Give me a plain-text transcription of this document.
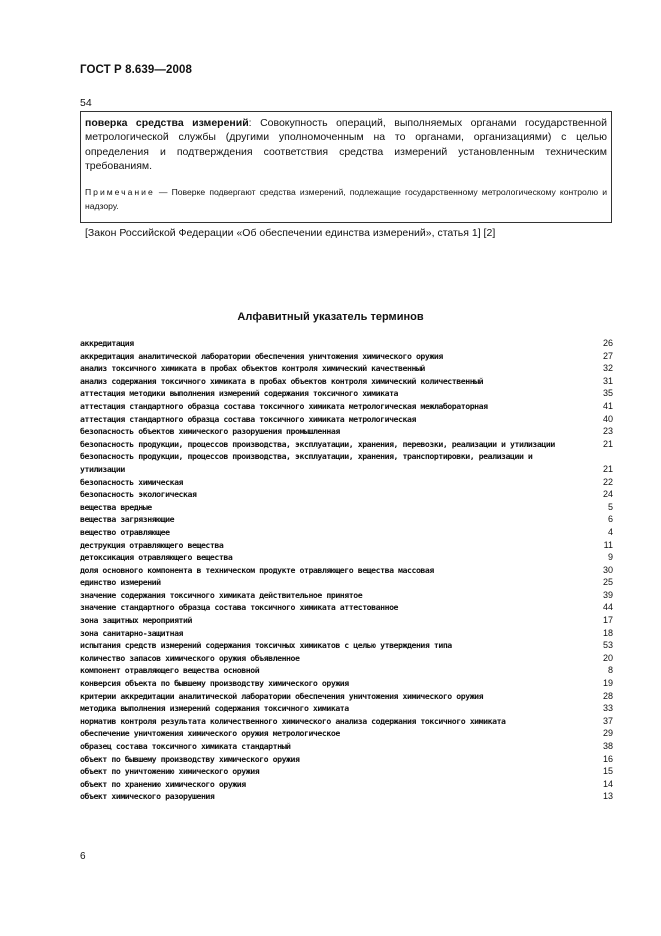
ГОСТ Р 8.639—2008
54

поверка средства измерений: Совокупность операций, выполняемых органами государственной метрологической службы (другими уполномоченным на то органами, организациями) с целью определения и подтверждения соответствия средства измерений установленным техническим требованиям.

Примечание — Поверке подвергают средства измерений, подлежащие государственному метрологическому контролю и надзору.

[Закон Российской Федерации «Об обеспечении единства измерений», статья 1] [2]

Алфавитный указатель терминов
аккредитация	26
аккредитация аналитической лаборатории обеспечения уничтожения химического оружия	27
анализ токсичного химиката в пробах объектов контроля химический качественный	32
анализ содержания токсичного химиката в пробах объектов контроля химический количественный	31
аттестация методики выполнения измерений содержания токсичного химиката	35
аттестация стандартного образца состава токсичного химиката метрологическая межлабораторная	41
аттестация стандартного образца состава токсичного химиката метрологическая	40
безопасность объектов химического разорушения промышленная	23
безопасность продукции, процессов производства, эксплуатации, хранения, перевозки, реализации и утилизации	21
безопасность продукции, процессов производства, эксплуатации, хранения, транспортировки, реализации и утилизации	21
безопасность химическая	22
безопасность экологическая	24
вещества вредные	5
вещества загрязняющие	6
вещество отравляющее	4
деструкция отравляющего вещества	11
детоксикация отравляющего вещества	9
доля основного компонента в техническом продукте отравляющего вещества массовая	30
единство измерений	25
значение содержания токсичного химиката действительное принятое	39
значение стандартного образца состава токсичного химиката аттестованное	44
зона защитных мероприятий	17
зона санитарно-защитная	18
испытания средств измерений содержания токсичных химикатов с целью утверждения типа	53
количество запасов химического оружия объявленное	20
компонент отравляющего вещества основной	8
конверсия объекта по бывшему производству химического оружия	19
критерии аккредитации аналитической лаборатории обеспечения уничтожения химического оружия	28
методика выполнения измерений содержания токсичного химиката	33
норматив контроля результата количественного химического анализа содержания токсичного химиката	37
обеспечение уничтожения химического оружия метрологическое	29
образец состава токсичного химиката стандартный	38
объект по бывшему производству химического оружия	16
объект по уничтожению химического оружия	15
объект по хранению химического оружия	14
объект химического разорушения	13
6
